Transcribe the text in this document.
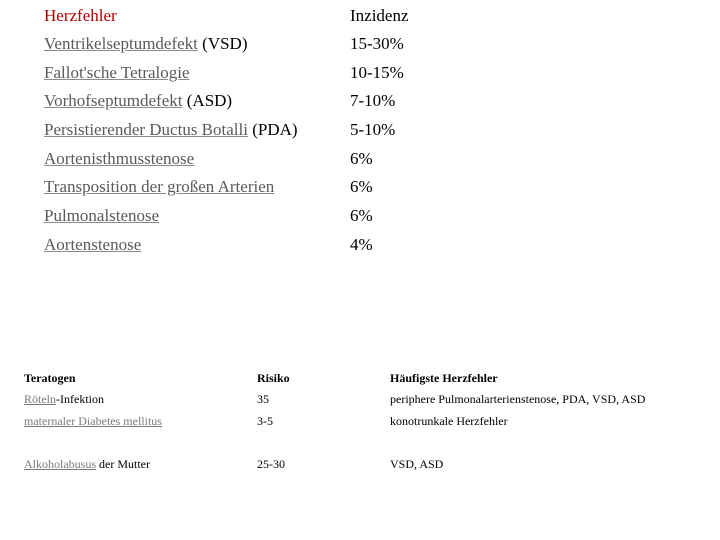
Herzfehler	Inzidenz
Ventrikelseptumdefekt (VSD)	15-30%
Fallot'sche Tetralogie	10-15%
Vorhofseptumdefekt (ASD)	7-10%
Persistierender Ductus Botalli (PDA)	5-10%
Aortenisthmusstenose	6%
Transposition der großen Arterien	6%
Pulmonalstenose	6%
Aortenstenose	4%
Teratogen	Risiko	Häufigste Herzfehler
Röteln-Infektion	35	periphere Pulmonalarterienstenose, PDA, VSD, ASD
maternaler Diabetes mellitus	3-5	konotrunkale Herzfehler
Alkoholabusus der Mutter	25-30	VSD, ASD
